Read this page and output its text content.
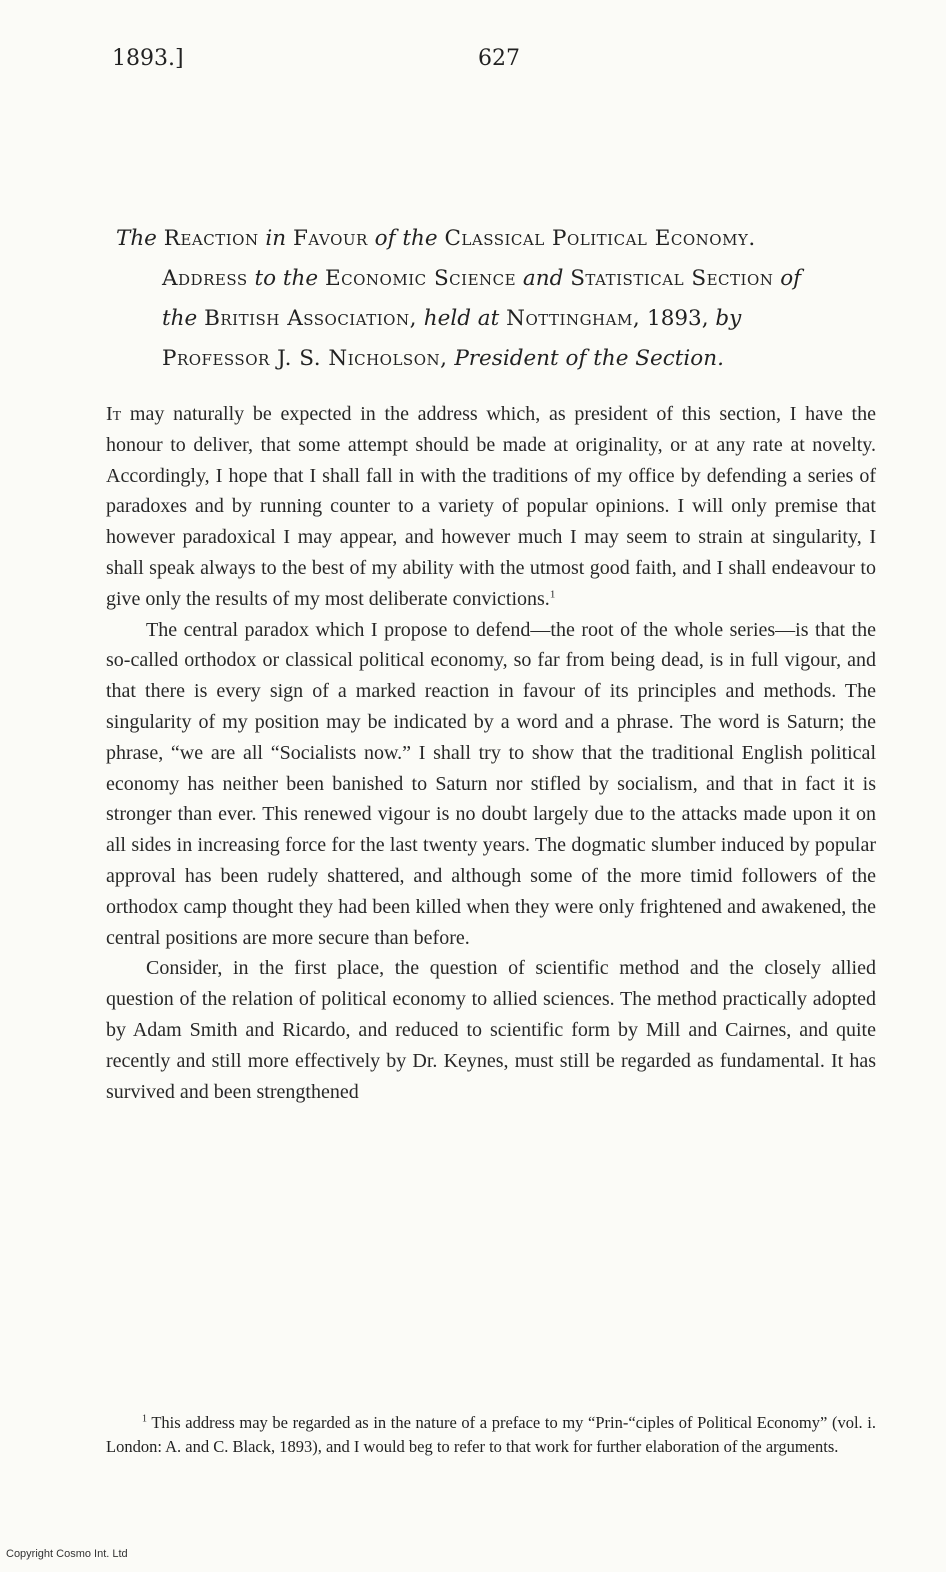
1893.]	627
The Reaction in Favour of the Classical Political Economy.
Address to the Economic Science and Statistical Section of
the British Association, held at Nottingham, 1893, by
Professor J. S. Nicholson, President of the Section.

It may naturally be expected in the address which, as president of this section, I have the honour to deliver, that some attempt should be made at originality, or at any rate at novelty. Accordingly, I hope that I shall fall in with the traditions of my office by defending a series of paradoxes and by running counter to a variety of popular opinions. I will only premise that however paradoxical I may appear, and however much I may seem to strain at singularity, I shall speak always to the best of my ability with the utmost good faith, and I shall endeavour to give only the results of my most deliberate convictions.$^1$

The central paradox which I propose to defend—the root of the whole series—is that the so-called orthodox or classical political economy, so far from being dead, is in full vigour, and that there is every sign of a marked reaction in favour of its principles and methods. The singularity of my position may be indicated by a word and a phrase. The word is Saturn; the phrase, “we are all “Socialists now.” I shall try to show that the traditional English political economy has neither been banished to Saturn nor stifled by socialism, and that in fact it is stronger than ever. This renewed vigour is no doubt largely due to the attacks made upon it on all sides in increasing force for the last twenty years. The dogmatic slumber induced by popular approval has been rudely shattered, and although some of the more timid followers of the orthodox camp thought they had been killed when they were only frightened and awakened, the central positions are more secure than before.

Consider, in the first place, the question of scientific method and the closely allied question of the relation of political economy to allied sciences. The method practically adopted by Adam Smith and Ricardo, and reduced to scientific form by Mill and Cairnes, and quite recently and still more effectively by Dr. Keynes, must still be regarded as fundamental. It has survived and been strengthened

$^1$ This address may be regarded as in the nature of a preface to my “Prin-“ciples of Political Economy” (vol. i. London: A. and C. Black, 1893), and I would beg to refer to that work for further elaboration of the arguments.
Copyright Cosmo Int. Ltd
